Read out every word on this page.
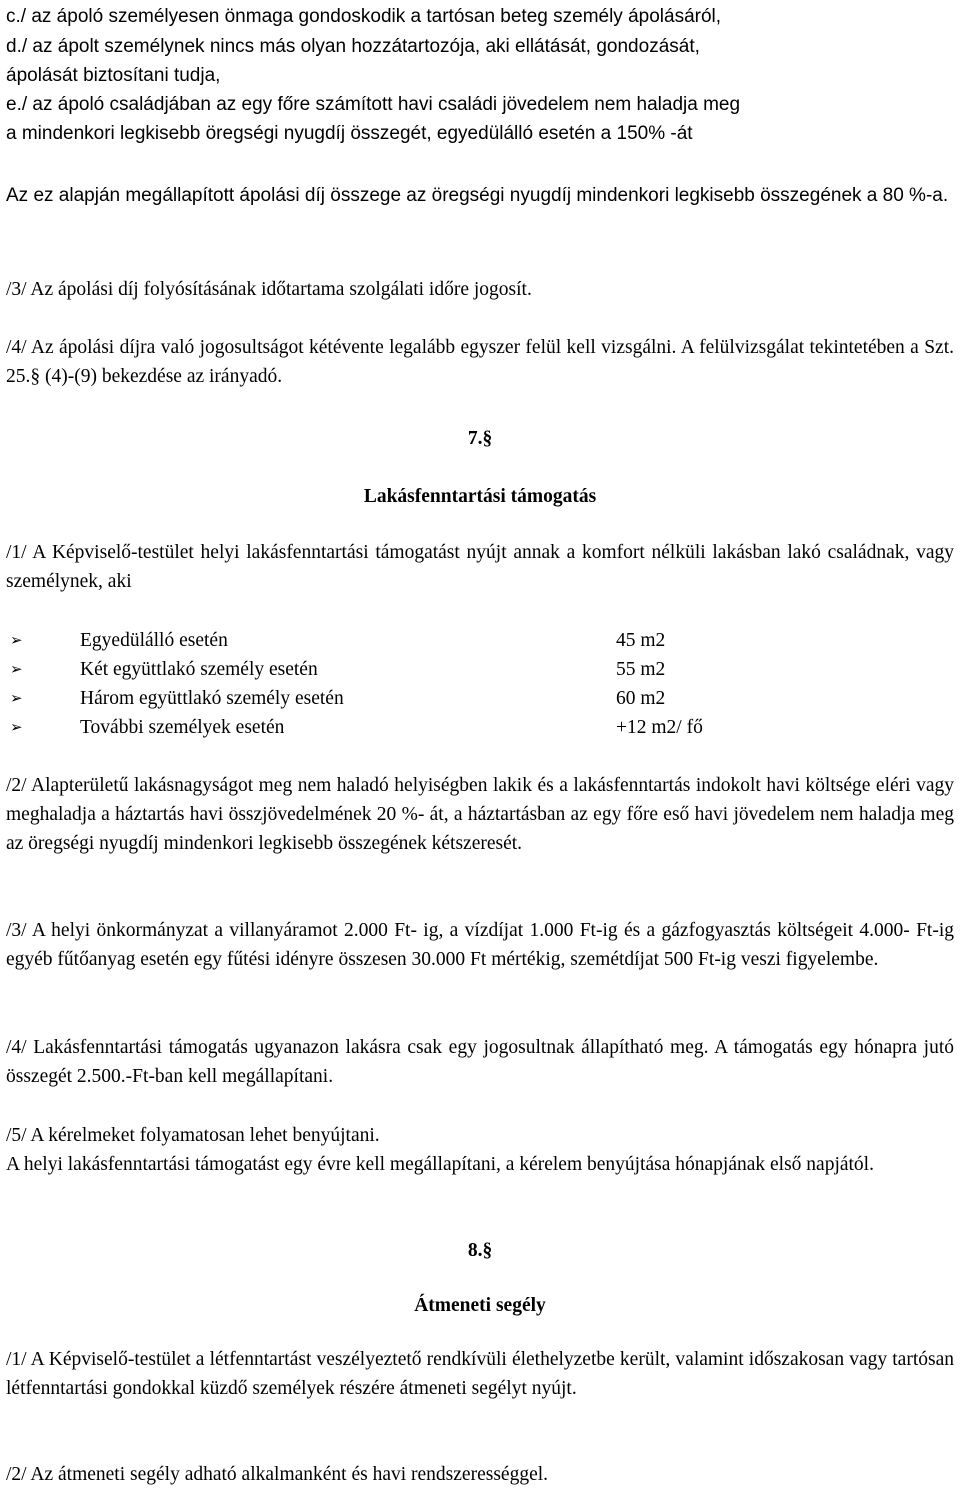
c./ az ápoló személyesen önmaga gondoskodik a tartósan beteg személy ápolásáról,

d./ az ápolt személynek nincs más olyan hozzátartozója, aki ellátását, gondozását,

ápolását biztosítani tudja,

e./ az ápoló családjában az egy főre számított havi családi jövedelem nem haladja meg

a mindenkori legkisebb öregségi nyugdíj összegét, egyedülálló esetén a 150% -át

Az ez alapján megállapított ápolási díj összege az öregségi nyugdíj mindenkori legkisebb összegének a 80 %-a.

/3/ Az ápolási díj folyósításának időtartama szolgálati időre jogosít.

/4/ Az ápolási díjra való jogosultságot kétévente legalább egyszer felül kell vizsgálni. A felülvizsgálat tekintetében a Szt. 25.§ (4)-(9) bekezdése az irányadó.

7.§

Lakásfenntartási támogatás

/1/ A Képviselő-testület helyi lakásfenntartási támogatást nyújt annak a komfort nélküli lakásban lakó családnak, vagy személynek, aki

➢	Egyedülálló esetén	45 m2
➢	Két együttlakó személy esetén	55 m2
➢	Három együttlakó személy esetén	60 m2
➢	További személyek esetén	+12 m2/ fő

/2/ Alapterületű lakásnagyságot meg nem haladó helyiségben lakik és a lakásfenntartás indokolt havi költsége eléri vagy meghaladja a háztartás havi összjövedelmének 20 %- át, a háztartásban az egy főre eső havi jövedelem nem haladja meg az öregségi nyugdíj mindenkori legkisebb összegének kétszeresét.

/3/ A helyi önkormányzat a villanyáramot 2.000 Ft- ig, a vízdíjat 1.000 Ft-ig és a gázfogyasztás költségeit 4.000- Ft-ig egyéb fűtőanyag esetén egy fűtési idényre összesen 30.000 Ft mértékig, szemétdíjat 500 Ft-ig veszi figyelembe.

/4/ Lakásfenntartási támogatás ugyanazon lakásra csak egy jogosultnak állapítható meg. A támogatás egy hónapra jutó összegét 2.500.-Ft-ban kell megállapítani.

/5/ A kérelmeket folyamatosan lehet benyújtani.

A helyi lakásfenntartási támogatást egy évre kell megállapítani, a kérelem benyújtása hónapjának első napjától.

8.§

Átmeneti segély

/1/ A Képviselő-testület a létfenntartást veszélyeztető rendkívüli élethelyzetbe került, valamint időszakosan vagy tartósan létfenntartási gondokkal küzdő személyek részére átmeneti segélyt nyújt.

/2/ Az átmeneti segély adható alkalmanként és havi rendszerességgel.
